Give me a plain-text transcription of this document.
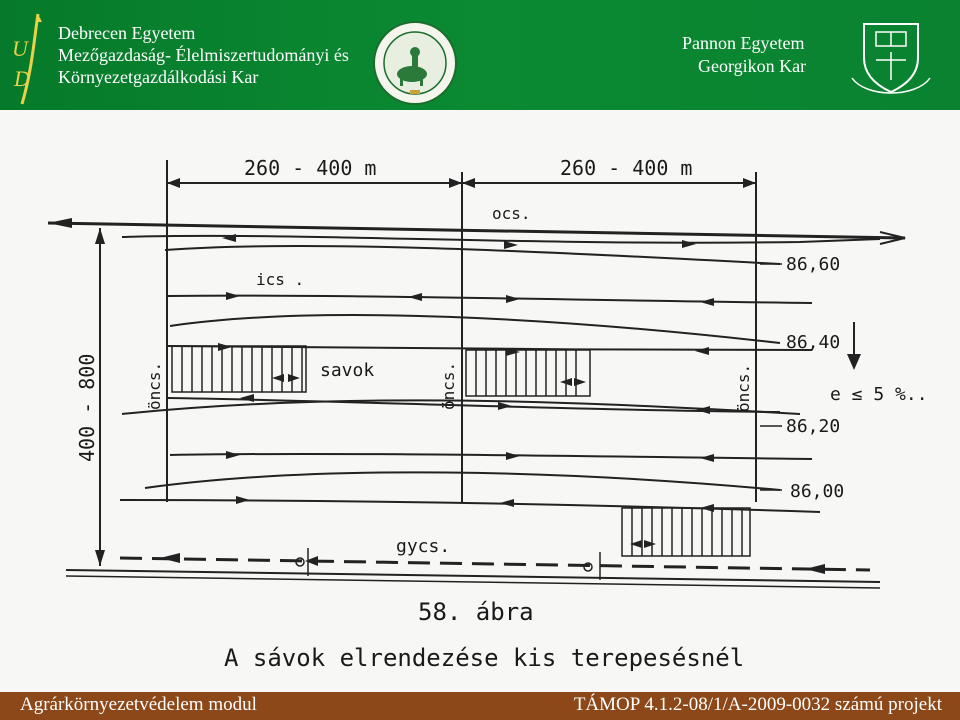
U
D
Debrecen Egyetem
Mezőgazdaság- Élelmiszertudományi és
Környezetgazdálkodási Kar
Pannon Egyetem
Georgikon Kar
260 - 400 m	260 - 400 m
ocs.
400 - 800
ics .
savok
öncs.	öncs.	öncs.
86,60
86,40
86,20
86,00
e ≤ 5 %..
gycs.
58. ábra
A sávok elrendezése kis terepesésnél
Agrárkörnyezetvédelem modul	TÁMOP 4.1.2-08/1/A-2009-0032 számú projekt
